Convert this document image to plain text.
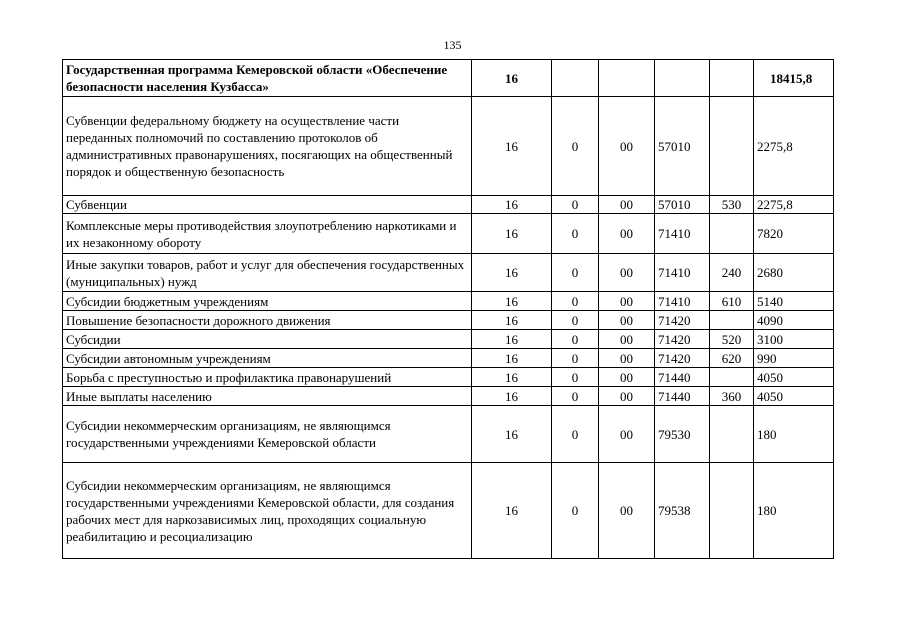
135
Государственная программа Кемеровской области «Обеспечение безопасности населения Кузбасса»	16					18415,8
Субвенции федеральному бюджету на осуществление части переданных полномочий по составлению протоколов об административных правонарушениях, посягающих на общественный порядок и общественную безопасность	16	0	00	57010		2275,8
Субвенции	16	0	00	57010	530	2275,8
Комплексные меры противодействия злоупотреблению наркотиками и их незаконному обороту	16	0	00	71410		7820
Иные закупки товаров, работ и услуг для обеспечения государственных (муниципальных) нужд	16	0	00	71410	240	2680
Субсидии бюджетным учреждениям	16	0	00	71410	610	5140
Повышение безопасности дорожного движения	16	0	00	71420		4090
Субсидии	16	0	00	71420	520	3100
Субсидии автономным учреждениям	16	0	00	71420	620	990
Борьба с преступностью и профилактика правонарушений	16	0	00	71440		4050
Иные выплаты населению	16	0	00	71440	360	4050
Субсидии некоммерческим организациям, не являющимся государственными учреждениями Кемеровской области	16	0	00	79530		180
Субсидии некоммерческим организациям, не являющимся государственными учреждениями Кемеровской области, для создания рабочих мест для наркозависимых лиц, проходящих социальную реабилитацию и ресоциализацию	16	0	00	79538		180
